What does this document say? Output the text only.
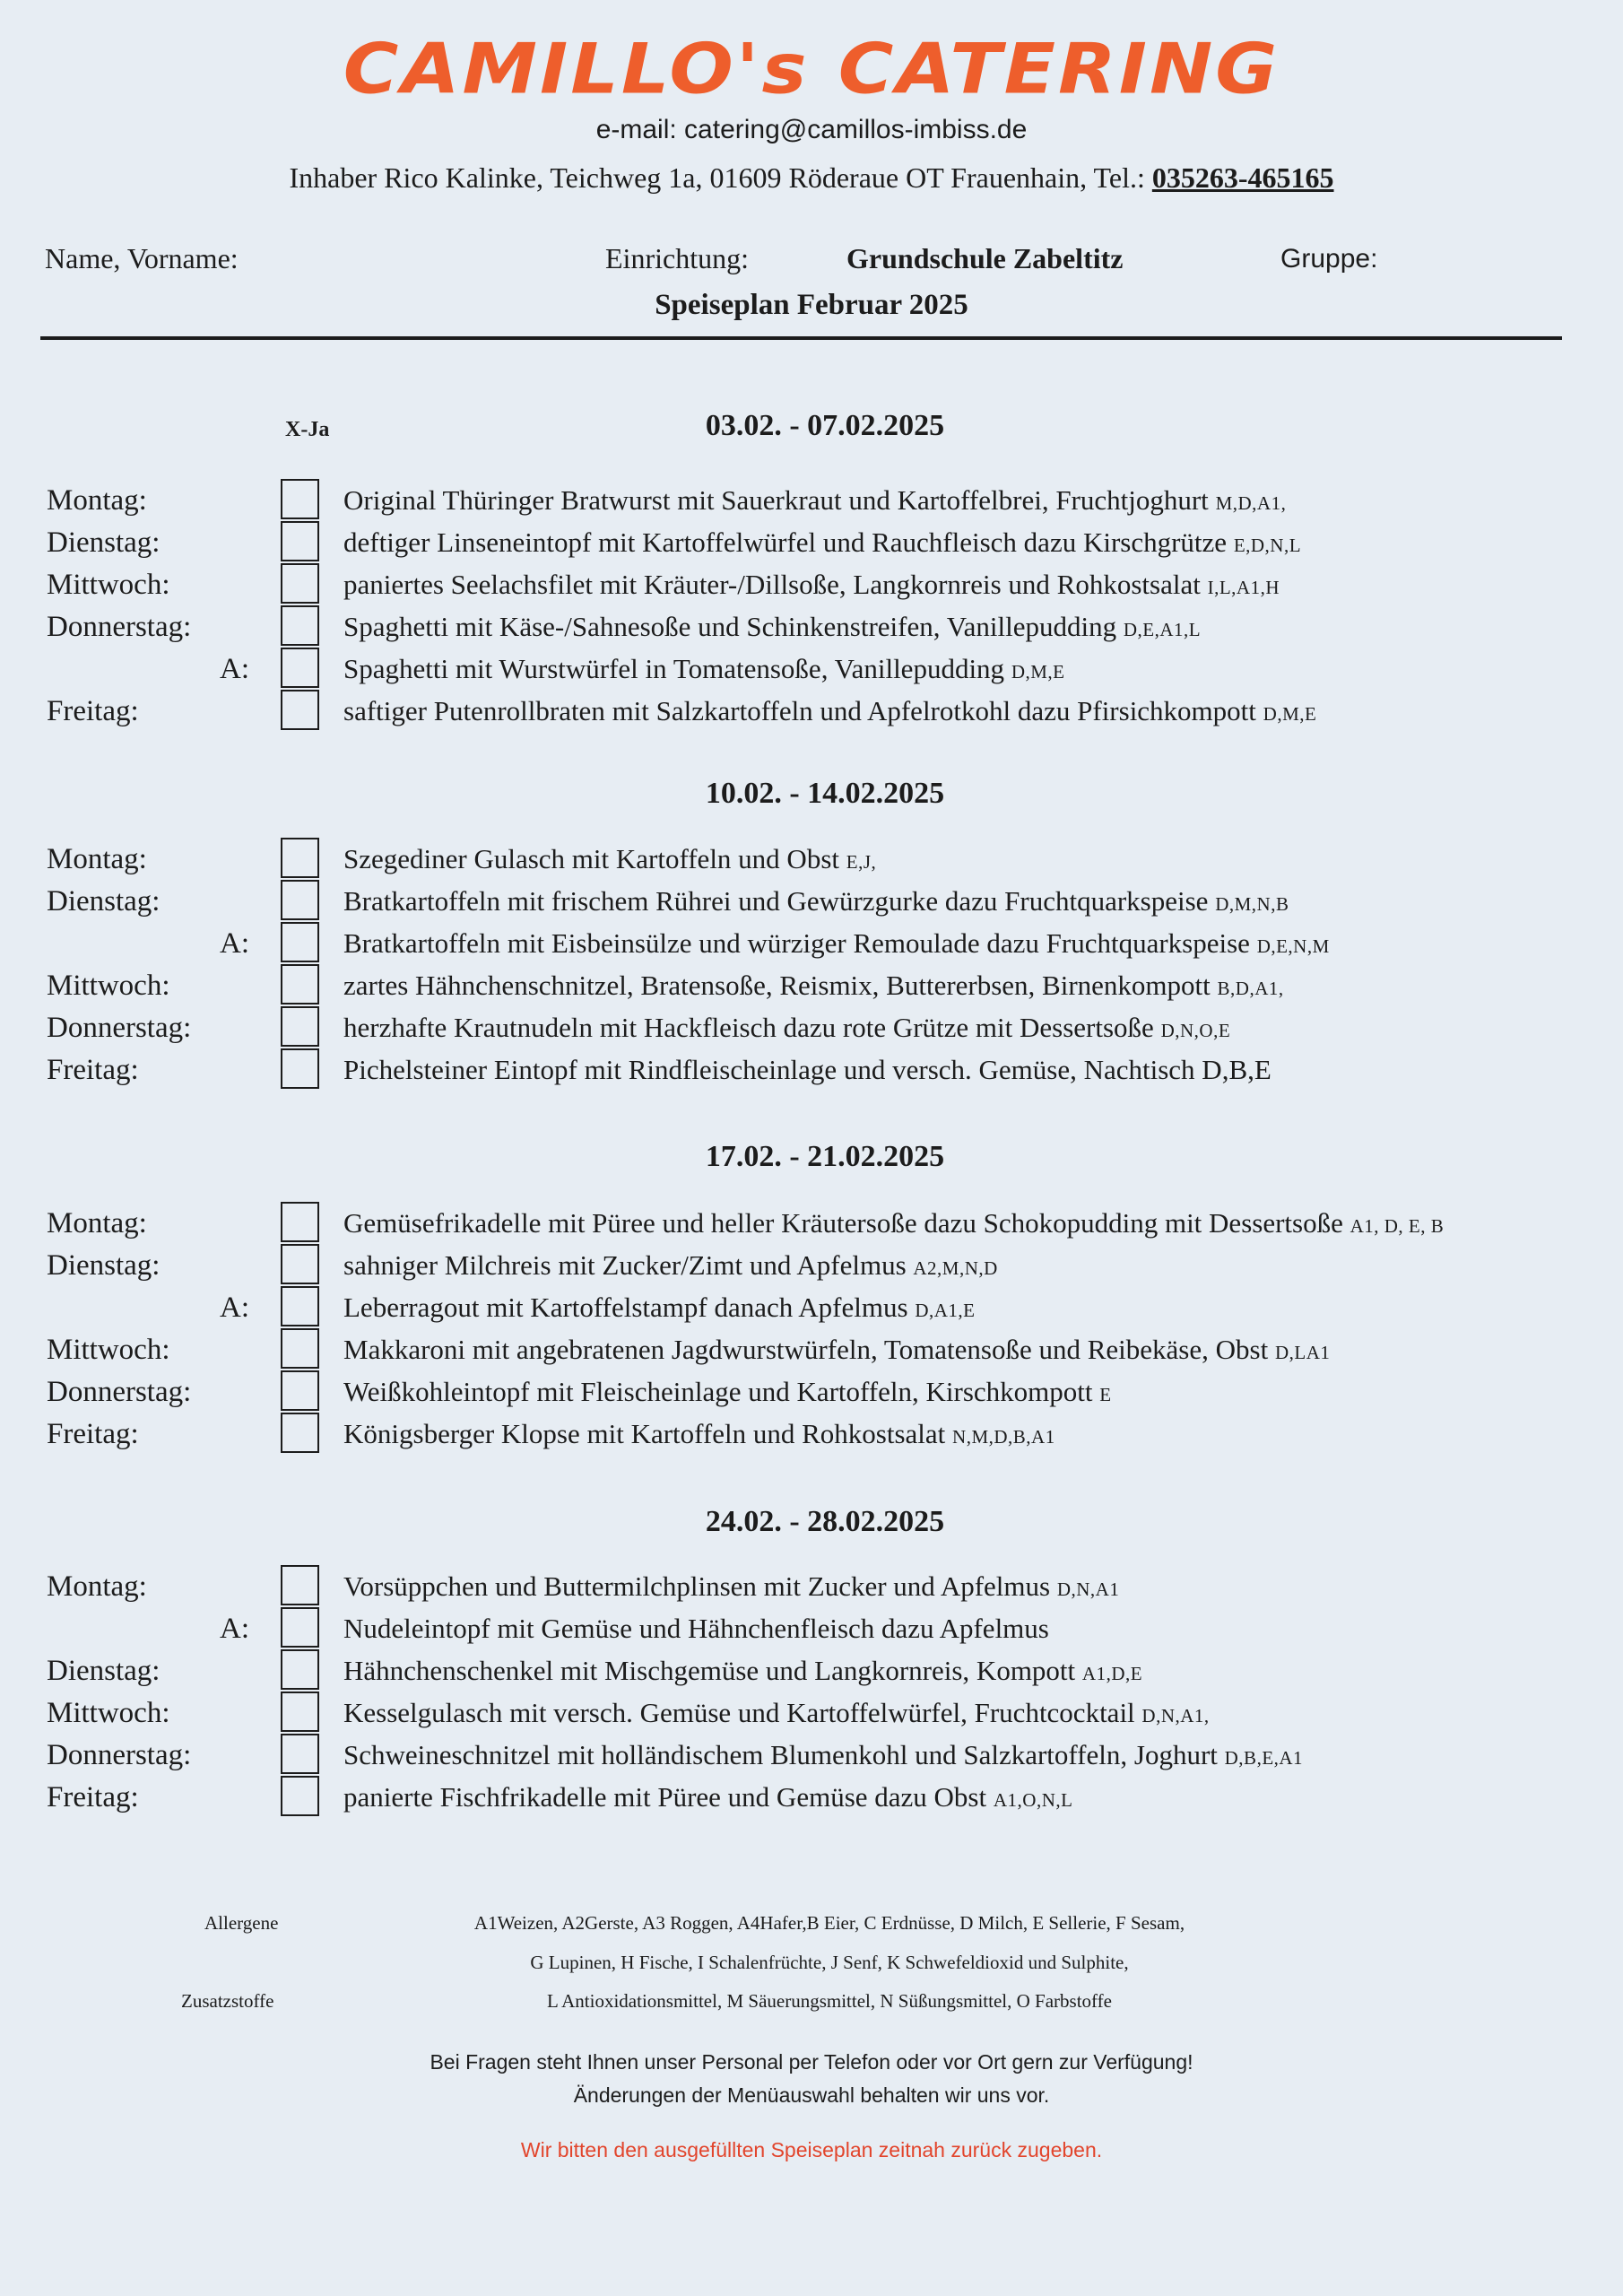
CAMILLO's CATERING
e-mail: catering@camillos-imbiss.de
Inhaber Rico Kalinke, Teichweg 1a, 01609 Röderaue OT Frauenhain, Tel.: 035263-465165
Name, Vorname:	Einrichtung:	Grundschule Zabeltitz	Gruppe:
Speiseplan Februar 2025
X-Ja	03.02. - 07.02.2025
Montag:	Original Thüringer Bratwurst mit Sauerkraut und Kartoffelbrei, Fruchtjoghurt M,D,A1,
Dienstag:	deftiger Linseneintopf mit Kartoffelwürfel und Rauchfleisch dazu Kirschgrütze E,D,N,L
Mittwoch:	paniertes Seelachsfilet mit Kräuter-/Dillsoße, Langkornreis und Rohkostsalat I,L,A1,H
Donnerstag:	Spaghetti mit Käse-/Sahnesoße und Schinkenstreifen, Vanillepudding D,E,A1,L
A:	Spaghetti mit Wurstwürfel in Tomatensoße, Vanillepudding D,M,E
Freitag:	saftiger Putenrollbraten mit Salzkartoffeln und Apfelrotkohl dazu Pfirsichkompott D,M,E
10.02. - 14.02.2025
Montag:	Szegediner Gulasch mit Kartoffeln und Obst E,J,
Dienstag:	Bratkartoffeln mit frischem Rührei und Gewürzgurke dazu Fruchtquarkspeise D,M,N,B
A:	Bratkartoffeln mit Eisbeinsülze und würziger Remoulade dazu Fruchtquarkspeise D,E,N,M
Mittwoch:	zartes Hähnchenschnitzel, Bratensoße, Reismix, Buttererbsen, Birnenkompott B,D,A1,
Donnerstag:	herzhafte Krautnudeln mit Hackfleisch dazu rote Grütze mit Dessertsoße D,N,O,E
Freitag:	Pichelsteiner Eintopf mit Rindfleischeinlage und versch. Gemüse, Nachtisch D,B,E
17.02. - 21.02.2025
Montag:	Gemüsefrikadelle mit Püree und heller Kräutersoße dazu Schokopudding mit Dessertsoße A1, D, E, B
Dienstag:	sahniger Milchreis mit Zucker/Zimt und Apfelmus A2,M,N,D
A:	Leberragout mit Kartoffelstampf danach Apfelmus D,A1,E
Mittwoch:	Makkaroni mit angebratenen Jagdwurstwürfeln, Tomatensoße und Reibekäse, Obst D,LA1
Donnerstag:	Weißkohleintopf mit Fleischeinlage und Kartoffeln, Kirschkompott E
Freitag:	Königsberger Klopse mit Kartoffeln und Rohkostsalat N,M,D,B,A1
24.02. - 28.02.2025
Montag:	Vorsüppchen und Buttermilchplinsen mit Zucker und Apfelmus D,N,A1
A:	Nudeleintopf mit Gemüse und Hähnchenfleisch dazu Apfelmus
Dienstag:	Hähnchenschenkel mit Mischgemüse und Langkornreis, Kompott A1,D,E
Mittwoch:	Kesselgulasch mit versch. Gemüse und Kartoffelwürfel, Fruchtcocktail D,N,A1,
Donnerstag:	Schweineschnitzel mit holländischem Blumenkohl und Salzkartoffeln, Joghurt D,B,E,A1
Freitag:	panierte Fischfrikadelle mit Püree und Gemüse dazu Obst A1,O,N,L
Allergene
Zusatzstoffe
A1Weizen, A2Gerste, A3 Roggen, A4Hafer,B Eier, C Erdnüsse, D Milch, E Sellerie, F Sesam,
G Lupinen, H Fische, I Schalenfrüchte, J Senf, K Schwefeldioxid und Sulphite,
L Antioxidationsmittel, M Säuerungsmittel, N Süßungsmittel, O Farbstoffe
Bei Fragen steht Ihnen unser Personal per Telefon oder vor Ort gern zur Verfügung!
Änderungen der Menüauswahl behalten wir uns vor.
Wir bitten den ausgefüllten Speiseplan zeitnah zurück zugeben.
